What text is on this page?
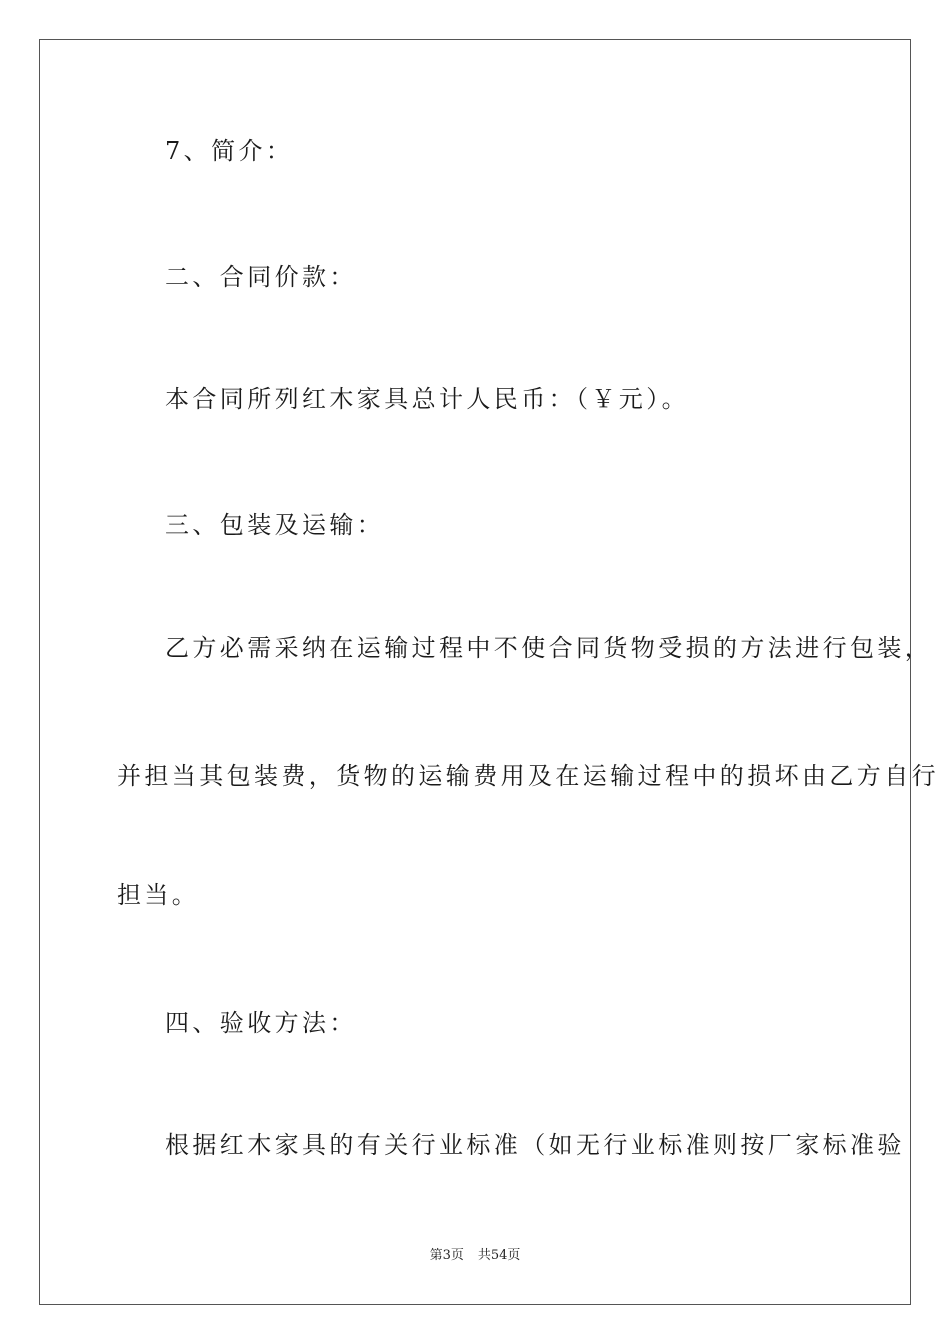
7、简介：
二、合同价款：
本合同所列红木家具总计人民币：（￥元）。
三、包装及运输：
乙方必需采纳在运输过程中不使合同货物受损的方法进行包装，
并担当其包装费，货物的运输费用及在运输过程中的损坏由乙方自行
担当。
四、验收方法：
根据红木家具的有关行业标准（如无行业标准则按厂家标准验
第3页 共54页
